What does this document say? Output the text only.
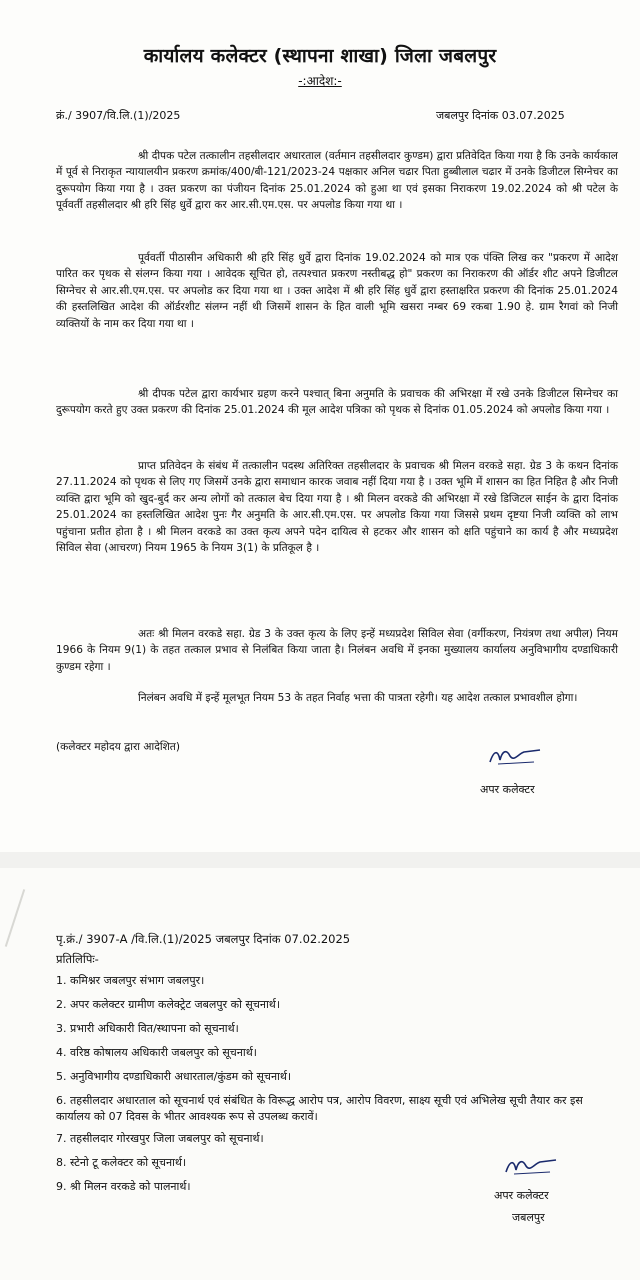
कार्यालय कलेक्टर (स्थापना शाखा) जिला जबलपुर
-:आदेश:-
क्रं./ 3907/वि.लि.(1)/2025	जबलपुर दिनांक 03.07.2025

श्री दीपक पटेल तत्कालीन तहसीलदार अधारताल (वर्तमान तहसीलदार कुण्डम) द्वारा प्रतिवेदित किया गया है कि उनके कार्यकाल में पूर्व से निराकृत न्यायालयीन प्रकरण क्रमांक/400/बी-121/2023-24 पक्षकार अनिल चढार पिता हुब्बीलाल चढार में उनके डिजीटल सिग्नेचर का दुरूपयोग किया गया है । उक्त प्रकरण का पंजीयन दिनांक 25.01.2024 को हुआ था एवं इसका निराकरण 19.02.2024 को श्री पटेल के पूर्ववर्ती तहसीलदार श्री हरि सिंह धुर्वे द्वारा कर आर.सी.एम.एस. पर अपलोड किया गया था ।

पूर्ववर्ती पीठासीन अधिकारी श्री हरि सिंह धुर्वे द्वारा दिनांक 19.02.2024 को मात्र एक पंक्ति लिख कर "प्रकरण में आदेश पारित कर पृथक से संलग्न किया गया । आवेदक सूचित हो, तत्पश्चात प्रकरण नस्तीबद्ध हो" प्रकरण का निराकरण की ऑर्डर शीट अपने डिजीटल सिग्नेचर से आर.सी.एम.एस. पर अपलोड कर दिया गया था । उक्त आदेश में श्री हरि सिंह धुर्वे द्वारा हस्ताक्षरित प्रकरण की दिनांक 25.01.2024 की हस्तलिखित आदेश की ऑर्डरशीट संलग्न नहीं थी जिसमें शासन के हित वाली भूमि खसरा नम्बर 69 रकबा 1.90 हे. ग्राम रैगवां को निजी व्यक्तियों के नाम कर दिया गया था ।

श्री दीपक पटेल द्वारा कार्यभार ग्रहण करने पश्चात् बिना अनुमति के प्रवाचक की अभिरक्षा में रखे उनके डिजीटल सिग्नेचर का दुरूपयोग करते हुए उक्त प्रकरण की दिनांक 25.01.2024 की मूल आदेश पत्रिका को पृथक से दिनांक 01.05.2024 को अपलोड किया गया ।

प्राप्त प्रतिवेदन के संबंध में तत्कालीन पदस्थ अतिरिक्त तहसीलदार के प्रवाचक श्री मिलन वरकडे सहा. ग्रेड 3 के कथन दिनांक 27.11.2024 को पृथक से लिए गए जिसमें उनके द्वारा समाधान कारक जवाब नहीं दिया गया है । उक्त भूमि में शासन का हित निहित है और निजी व्यक्ति द्वारा भूमि को खुद-बुर्द कर अन्य लोगों को तत्काल बेच दिया गया है । श्री मिलन वरकडे की अभिरक्षा में रखे डिजिटल साईन के द्वारा दिनांक 25.01.2024 का हस्तलिखित आदेश पुनः गैर अनुमति के आर.सी.एम.एस. पर अपलोड किया गया जिससे प्रथम दृष्टया निजी व्यक्ति को लाभ पहुंचाना प्रतीत होता है । श्री मिलन वरकडे का उक्त कृत्य अपने पदेन दायित्व से हटकर और शासन को क्षति पहुंचाने का कार्य है और मध्यप्रदेश सिविल सेवा (आचरण) नियम 1965 के नियम 3(1) के प्रतिकूल है ।

अतः श्री मिलन वरकडे सहा. ग्रेड 3 के उक्त कृत्य के लिए इन्हें मध्यप्रदेश सिविल सेवा (वर्गीकरण, नियंत्रण तथा अपील) नियम 1966 के नियम 9(1) के तहत तत्काल प्रभाव से निलंबित किया जाता है। निलंबन अवधि में इनका मुख्यालय कार्यालय अनुविभागीय दण्डाधिकारी कुण्डम रहेगा ।

निलंबन अवधि में इन्हें मूलभूत नियम 53 के तहत निर्वाह भत्ता की पात्रता रहेगी। यह आदेश तत्काल प्रभावशील होगा।

(कलेक्टर महोदय द्वारा आदेशित)
अपर कलेक्टर
पृ.क्रं./ 3907-A /वि.लि.(1)/2025 जबलपुर दिनांक 07.02.2025
प्रतिलिपिः-
1. कमिश्नर जबलपुर संभाग जबलपुर।
2. अपर कलेक्टर ग्रामीण कलेक्ट्रेट जबलपुर को सूचनार्थ।
3. प्रभारी अधिकारी वित/स्थापना को सूचनार्थ।
4. वरिष्ठ कोषालय अधिकारी जबलपुर को सूचनार्थ।
5. अनुविभागीय दण्डाधिकारी अधारताल/कुंडम को सूचनार्थ।
6. तहसीलदार अधारताल को सूचनार्थ एवं संबंधित के विरूद्ध आरोप पत्र, आरोप विवरण, साक्ष्य सूची एवं अभिलेख सूची तैयार कर इस कार्यालय को 07 दिवस के भीतर आवश्यक रूप से उपलब्ध करावें।
7. तहसीलदार गोरखपुर जिला जबलपुर को सूचनार्थ।
8. स्टेनो टू कलेक्टर को सूचनार्थ।
9. श्री मिलन वरकडे को पालनार्थ।
अपर कलेक्टर
जबलपुर
